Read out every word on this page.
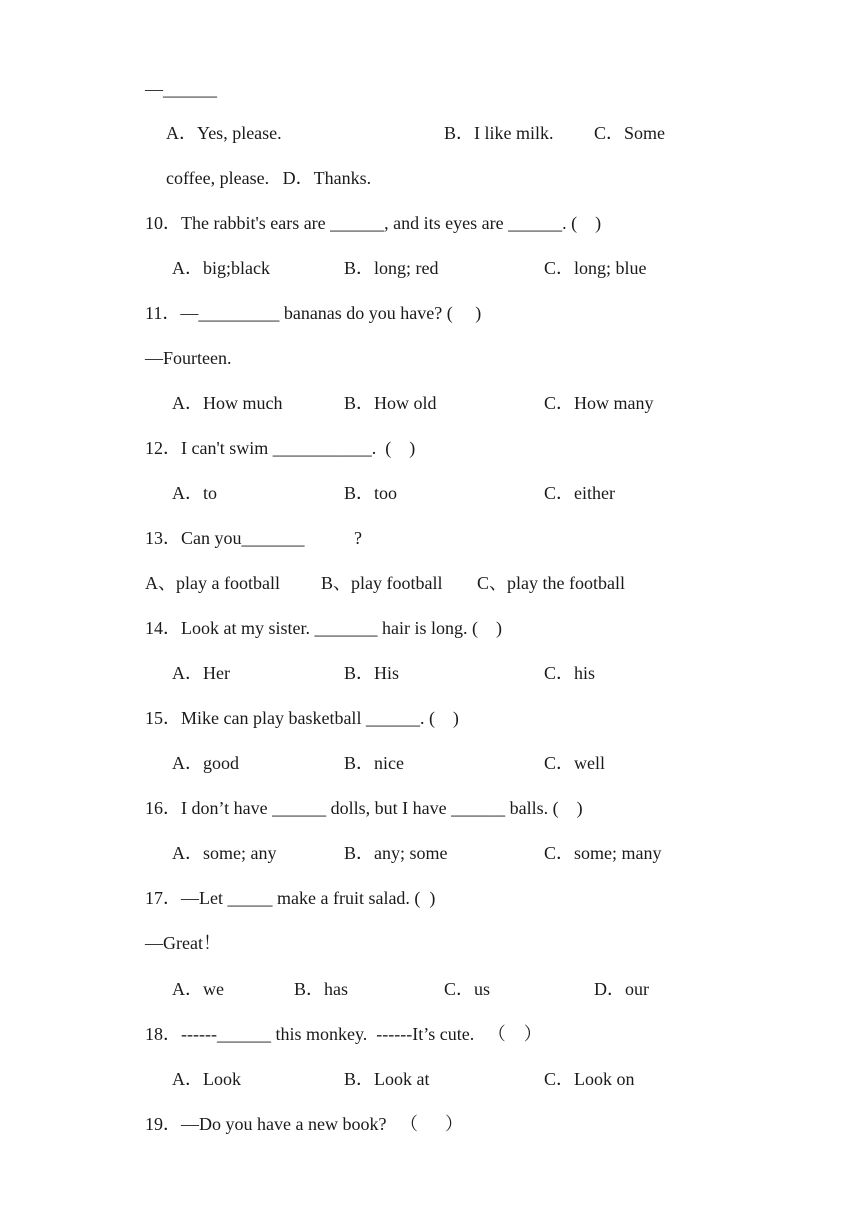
—______
A．Yes, please.	B．I like milk. C．Some
coffee, please.   D．Thanks.
10．The rabbit's ears are ______, and its eyes are ______. (    )
A．big;black	B．long; red	C．long; blue
11．—_________ bananas do you have? (     )
—Fourteen.
A．How much	B．How old	C．How many
12．I can't swim ___________.  (    )
A．to	B．too	C．either
13．Can you_______           ?
A、play a football B、play football C、play the football
14．Look at my sister. _______ hair is long. (    )
A．Her	B．His	C．his
15．Mike can play basketball ______. (    )
A．good	B．nice	C．well
16．I don’t have ______ dolls, but I have ______ balls. (    )
A．some; any	B．any; some	C．some; many
17．—Let _____ make a fruit salad. (  )
—Great！
A．we	B．has	C．us	D．our
18．------______ this monkey.  ------It’s cute.   （    ）
A．Look	B．Look at	C．Look on
19．—Do you have a new book?   （      ）
